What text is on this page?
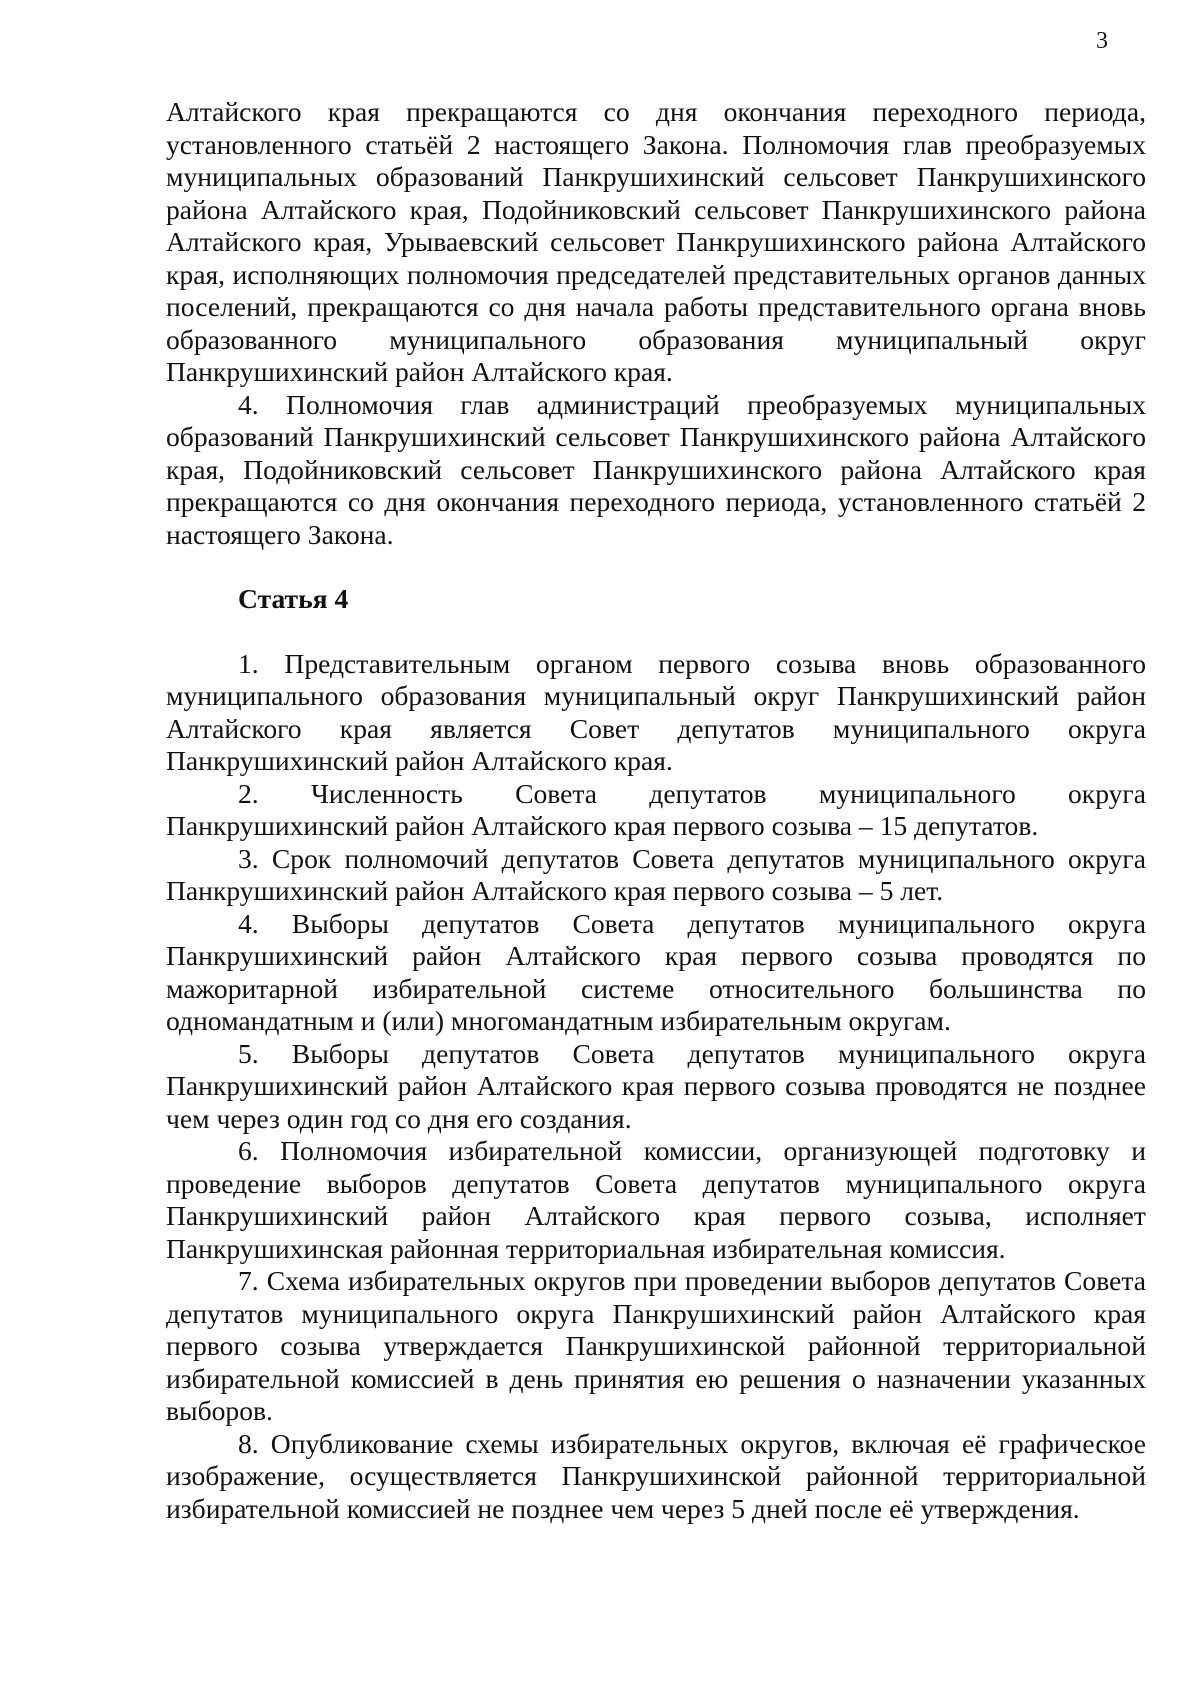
3

Алтайского края прекращаются со дня окончания переходного периода, установленного статьёй 2 настоящего Закона. Полномочия глав преобразуемых муниципальных образований Панкрушихинский сельсовет Панкрушихинского района Алтайского края, Подойниковский сельсовет Панкрушихинского района Алтайского края, Урываевский сельсовет Панкрушихинского района Алтайского края, исполняющих полномочия председателей представительных органов данных поселений, прекращаются со дня начала работы представительного органа вновь образованного муниципального образования муниципальный округ Панкрушихинский район Алтайского края.

4. Полномочия глав администраций преобразуемых муниципальных образований Панкрушихинский сельсовет Панкрушихинского района Алтайского края, Подойниковский сельсовет Панкрушихинского района Алтайского края прекращаются со дня окончания переходного периода, установленного статьёй 2 настоящего Закона.

Статья 4

1. Представительным органом первого созыва вновь образованного муниципального образования муниципальный округ Панкрушихинский район Алтайского края является Совет депутатов муниципального округа Панкрушихинский район Алтайского края.

2. Численность Совета депутатов муниципального округа Панкрушихинский район Алтайского края первого созыва – 15 депутатов.

3. Срок полномочий депутатов Совета депутатов муниципального округа Панкрушихинский район Алтайского края первого созыва – 5 лет.

4. Выборы депутатов Совета депутатов муниципального округа Панкрушихинский район Алтайского края первого созыва проводятся по мажоритарной избирательной системе относительного большинства по одномандатным и (или) многомандатным избирательным округам.

5. Выборы депутатов Совета депутатов муниципального округа Панкрушихинский район Алтайского края первого созыва проводятся не позднее чем через один год со дня его создания.

6. Полномочия избирательной комиссии, организующей подготовку и проведение выборов депутатов Совета депутатов муниципального округа Панкрушихинский район Алтайского края первого созыва, исполняет Панкрушихинская районная территориальная избирательная комиссия.

7. Схема избирательных округов при проведении выборов депутатов Совета депутатов муниципального округа Панкрушихинский район Алтайского края первого созыва утверждается Панкрушихинской районной территориальной избирательной комиссией в день принятия ею решения о назначении указанных выборов.

8. Опубликование схемы избирательных округов, включая её графическое изображение, осуществляется Панкрушихинской районной территориальной избирательной комиссией не позднее чем через 5 дней после её утверждения.
